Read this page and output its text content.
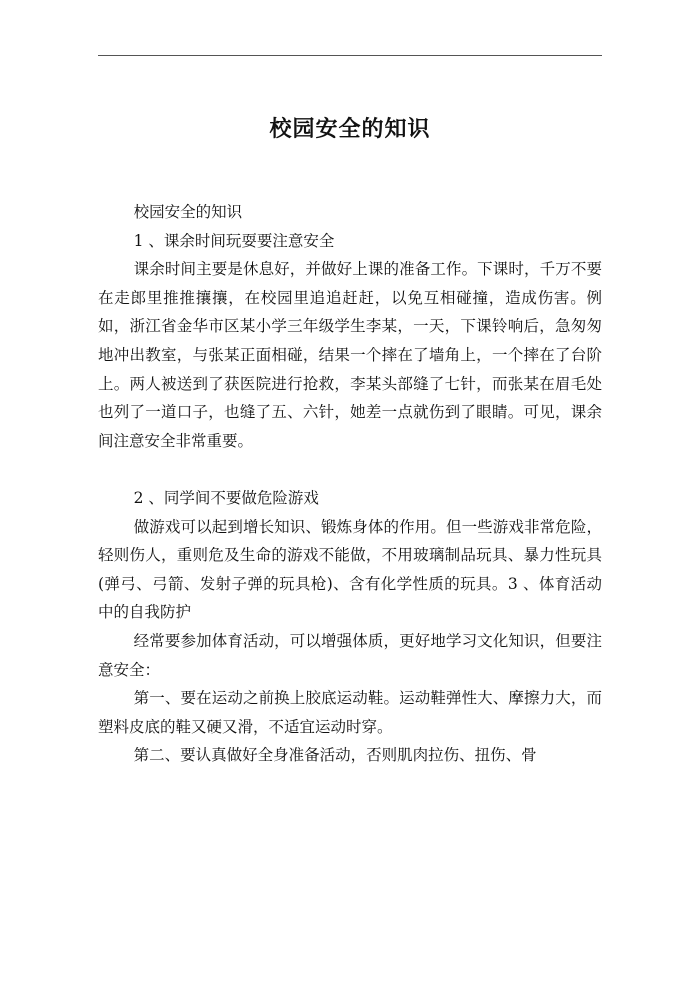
校园安全的知识

校园安全的知识

1 、课余时间玩耍要注意安全

课余时间主要是休息好，并做好上课的准备工作。下课时，千万不要在走郎里推推攘攘，在校园里追追赶赶，以免互相碰撞，造成伤害。例如，浙江省金华市区某小学三年级学生李某，一天，下课铃响后，急匆匆地冲出教室，与张某正面相碰，结果一个摔在了墙角上，一个摔在了台阶上。两人被送到了获医院进行抢救，李某头部缝了七针，而张某在眉毛处也列了一道口子，也缝了五、六针，她差一点就伤到了眼睛。可见，课余间注意安全非常重要。

2 、同学间不要做危险游戏

做游戏可以起到增长知识、锻炼身体的作用。但一些游戏非常危险，轻则伤人，重则危及生命的游戏不能做，不用玻璃制品玩具、暴力性玩具(弹弓、弓箭、发射子弹的玩具枪)、含有化学性质的玩具。3 、体育活动中的自我防护

经常要参加体育活动，可以增强体质，更好地学习文化知识，但要注意安全：

第一、要在运动之前换上胶底运动鞋。运动鞋弹性大、摩擦力大，而塑料皮底的鞋又硬又滑，不适宜运动时穿。

第二、要认真做好全身准备活动，否则肌肉拉伤、扭伤、骨
